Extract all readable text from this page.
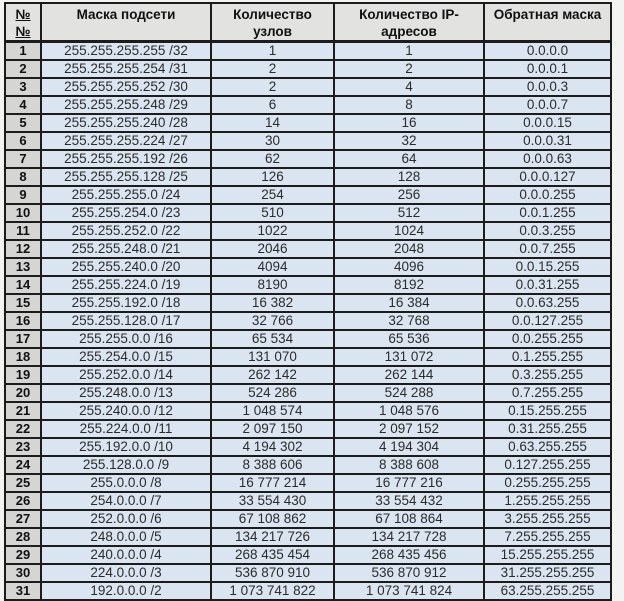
№№	Маска подсети	Количество узлов	Количество IP-адресов	Обратная маска
1	255.255.255.255 /32	1	1	0.0.0.0
2	255.255.255.254 /31	2	2	0.0.0.1
3	255.255.255.252 /30	2	4	0.0.0.3
4	255.255.255.248 /29	6	8	0.0.0.7
5	255.255.255.240 /28	14	16	0.0.0.15
6	255.255.255.224 /27	30	32	0.0.0.31
7	255.255.255.192 /26	62	64	0.0.0.63
8	255.255.255.128 /25	126	128	0.0.0.127
9	255.255.255.0 /24	254	256	0.0.0.255
10	255.255.254.0 /23	510	512	0.0.1.255
11	255.255.252.0 /22	1022	1024	0.0.3.255
12	255.255.248.0 /21	2046	2048	0.0.7.255
13	255.255.240.0 /20	4094	4096	0.0.15.255
14	255.255.224.0 /19	8190	8192	0.0.31.255
15	255.255.192.0 /18	16 382	16 384	0.0.63.255
16	255.255.128.0 /17	32 766	32 768	0.0.127.255
17	255.255.0.0 /16	65 534	65 536	0.0.255.255
18	255.254.0.0 /15	131 070	131 072	0.1.255.255
19	255.252.0.0 /14	262 142	262 144	0.3.255.255
20	255.248.0.0 /13	524 286	524 288	0.7.255.255
21	255.240.0.0 /12	1 048 574	1 048 576	0.15.255.255
22	255.224.0.0 /11	2 097 150	2 097 152	0.31.255.255
23	255.192.0.0 /10	4 194 302	4 194 304	0.63.255.255
24	255.128.0.0 /9	8 388 606	8 388 608	0.127.255.255
25	255.0.0.0 /8	16 777 214	16 777 216	0.255.255.255
26	254.0.0.0 /7	33 554 430	33 554 432	1.255.255.255
27	252.0.0.0 /6	67 108 862	67 108 864	3.255.255.255
28	248.0.0.0 /5	134 217 726	134 217 728	7.255.255.255
29	240.0.0.0 /4	268 435 454	268 435 456	15.255.255.255
30	224.0.0.0 /3	536 870 910	536 870 912	31.255.255.255
31	192.0.0.0 /2	1 073 741 822	1 073 741 824	63.255.255.255
